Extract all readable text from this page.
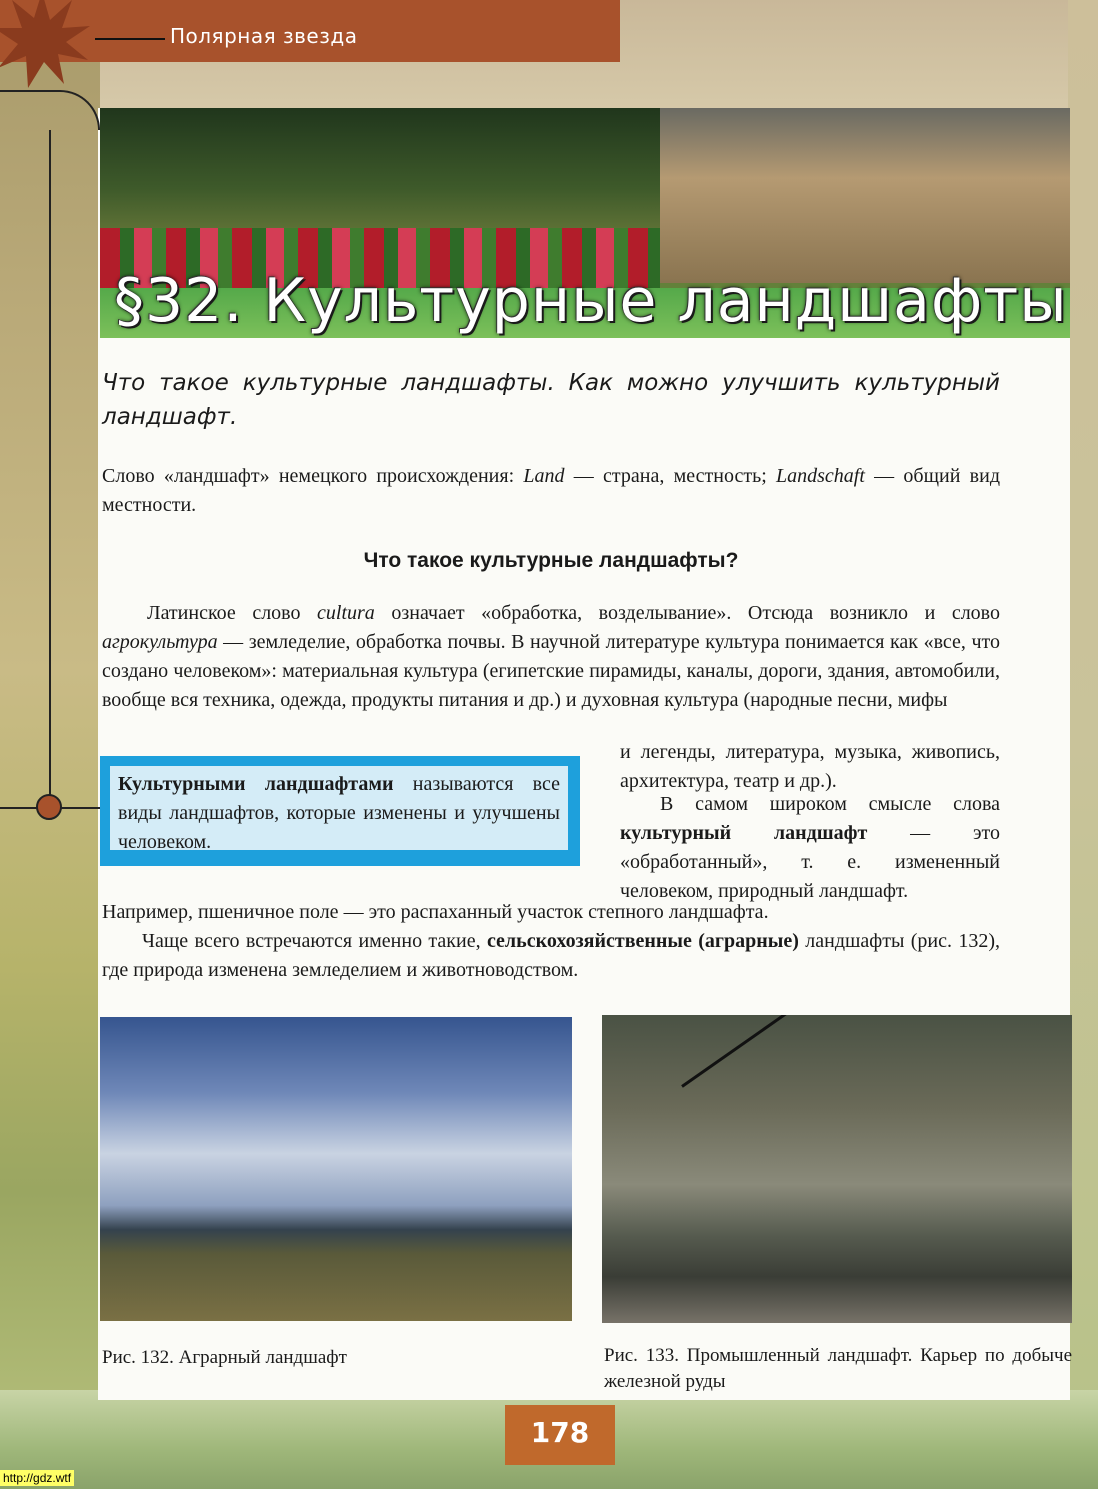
Полярная звезда
§32. Культурные ландшафты
Что такое культурные ландшафты. Как можно улучшить культурный ландшафт.
Слово «ландшафт» немецкого происхождения: Land — страна, местность; Landschaft — общий вид местности.
Что такое культурные ландшафты?
Латинское слово cultura означает «обработка, возделывание». Отсюда возникло и слово агрокультура — земледелие, обработка почвы. В научной литературе культура понимается как «все, что создано человеком»: материальная культура (египетские пирамиды, каналы, дороги, здания, автомобили, вообще вся техника, одежда, продукты питания и др.) и духовная культура (народные песни, мифы
и легенды, литература, музыка, живопись, архитектура, театр и др.).
Культурными ландшафтами называются все виды ландшафтов, которые изменены и улучшены человеком.
В самом широком смысле слова культурный ландшафт — это «обработанный», т. е. измененный человеком, природный ландшафт.
Например, пшеничное поле — это распаханный участок степного ландшафта.
Чаще всего встречаются именно такие, сельскохозяйственные (аграрные) ландшафты (рис. 132), где природа изменена земледелием и животноводством.
Рис. 132. Аграрный ландшафт	Рис. 133. Промышленный ландшафт. Карьер по добыче железной руды
178
http://gdz.wtf
